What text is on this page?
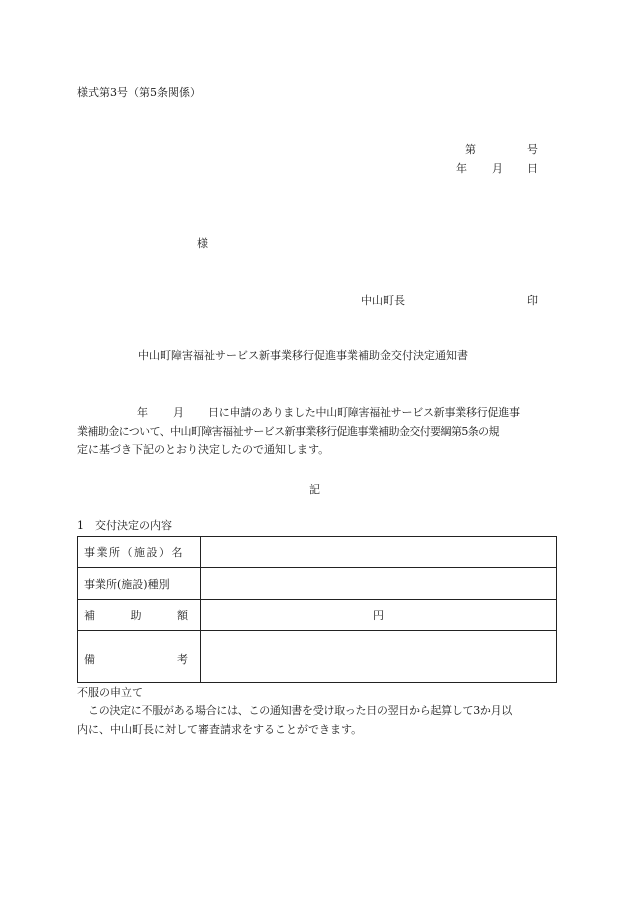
様式第3号（第5条関係）
第	号
年 月 日
様
中山町長	印
中山町障害福祉サービス新事業移行促進事業補助金交付決定通知書
年 月 日に申請のありました中山町障害福祉サービス新事業移行促進事
業補助金について、中山町障害福祉サービス新事業移行促進事業補助金交付要綱第5条の規
定に基づき下記のとおり決定したので通知します。
記
1　交付決定の内容
事業所（施設）名	
事業所(施設)種別	

補 助 額	円

備 考	

不服の申立て
この決定に不服がある場合には、この通知書を受け取った日の翌日から起算して3か月以
内に、中山町長に対して審査請求をすることができます。
